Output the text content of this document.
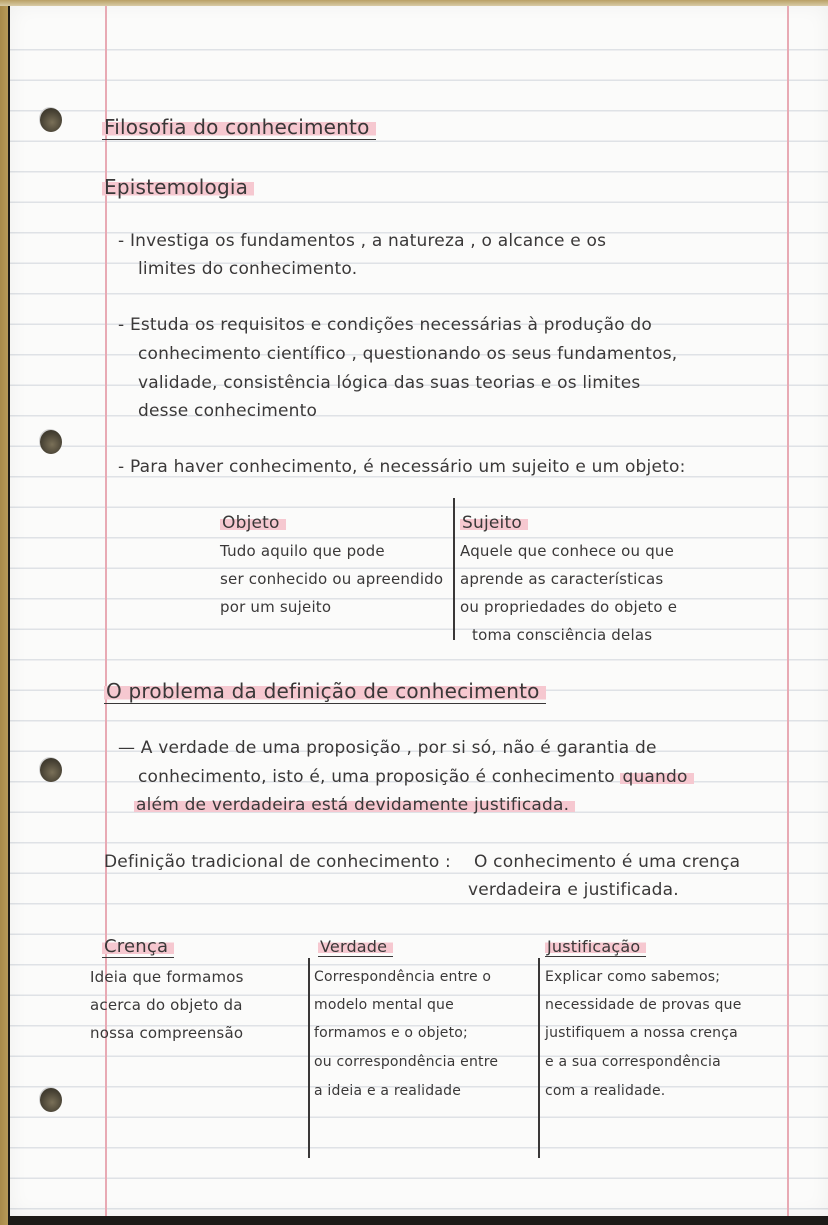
Filosofia do conhecimento
Epistemologia
- Investiga os fundamentos , a natureza , o alcance e os
limites do conhecimento.
- Estuda os requisitos e condições necessárias à produção do
conhecimento científico , questionando os seus fundamentos,
validade, consistência lógica das suas teorias e os limites
desse conhecimento
- Para haver conhecimento, é necessário um sujeito e um objeto:
Objeto
Tudo aquilo que pode
ser conhecido ou apreendido
por um sujeito
Sujeito
Aquele que conhece ou que
aprende as características
ou propriedades do objeto e
toma consciência delas
O problema da definição de conhecimento
— A verdade de uma proposição , por si só, não é garantia de
conhecimento, isto é, uma proposição é conhecimento quando
além de verdadeira está devidamente justificada.
Definição tradicional de conhecimento : O conhecimento é uma crença
verdadeira e justificada.
Crença
Ideia que formamos
acerca do objeto da
nossa compreensão
Verdade
Correspondência entre o
modelo mental que
formamos e o objeto;
ou correspondência entre
a ideia e a realidade
Justificação
Explicar como sabemos;
necessidade de provas que
justifiquem a nossa crença
e a sua correspondência
com a realidade.
